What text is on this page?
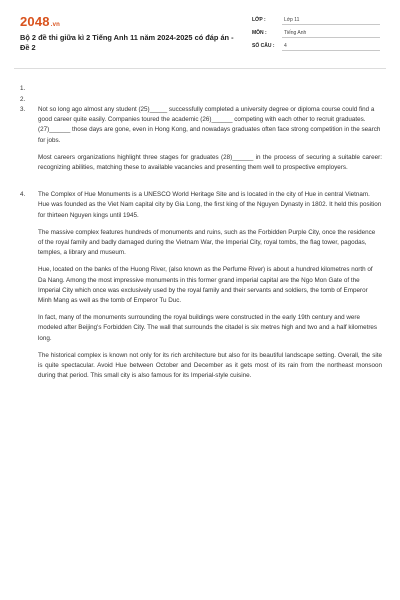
2048.vn
Bộ 2 đề thi giữa kì 2 Tiếng Anh 11 năm 2024-2025 có đáp án - Đề 2
LỚP :	Lớp 11
MÔN :	Tiếng Anh
SỐ CÂU : 4
1.
2.
3. Not so long ago almost any student (25)_____ successfully completed a university degree or diploma course could find a good career quite easily. Companies toured the academic (26)______ competing with each other to recruit graduates. (27)______ those days are gone, even in Hong Kong, and nowadays graduates often face strong competition in the search for jobs.

Most careers organizations highlight three stages for graduates (28)______ in the process of securing a suitable career: recognizing abilities, matching these to available vacancies and presenting them well to prospective employers.

4. The Complex of Hue Monuments is a UNESCO World Heritage Site and is located in the city of Hue in central Vietnam. Hue was founded as the Viet Nam capital city by Gia Long, the first king of the Nguyen Dynasty in 1802. It held this position for thirteen Nguyen kings until 1945.

The massive complex features hundreds of monuments and ruins, such as the Forbidden Purple City, once the residence of the royal family and badly damaged during the Vietnam War, the Imperial City, royal tombs, the flag tower, pagodas, temples, a library and museum.

Hue, located on the banks of the Huong River, (also known as the Perfume River) is about a hundred kilometres north of Da Nang. Among the most impressive monuments in this former grand imperial capital are the Ngo Mon Gate of the Imperial City which once was exclusively used by the royal family and their servants and soldiers, the tomb of Emperor Minh Mang as well as the tomb of Emperor Tu Duc.

In fact, many of the monuments surrounding the royal buildings were constructed in the early 19th century and were modeled after Beijing's Forbidden City. The wall that surrounds the citadel is six metres high and two and a half kilometres long.

The historical complex is known not only for its rich architecture but also for its beautiful landscape setting. Overall, the site is quite spectacular. Avoid Hue between October and December as it gets most of its rain from the northeast monsoon during that period. This small city is also famous for its Imperial-style cuisine.
